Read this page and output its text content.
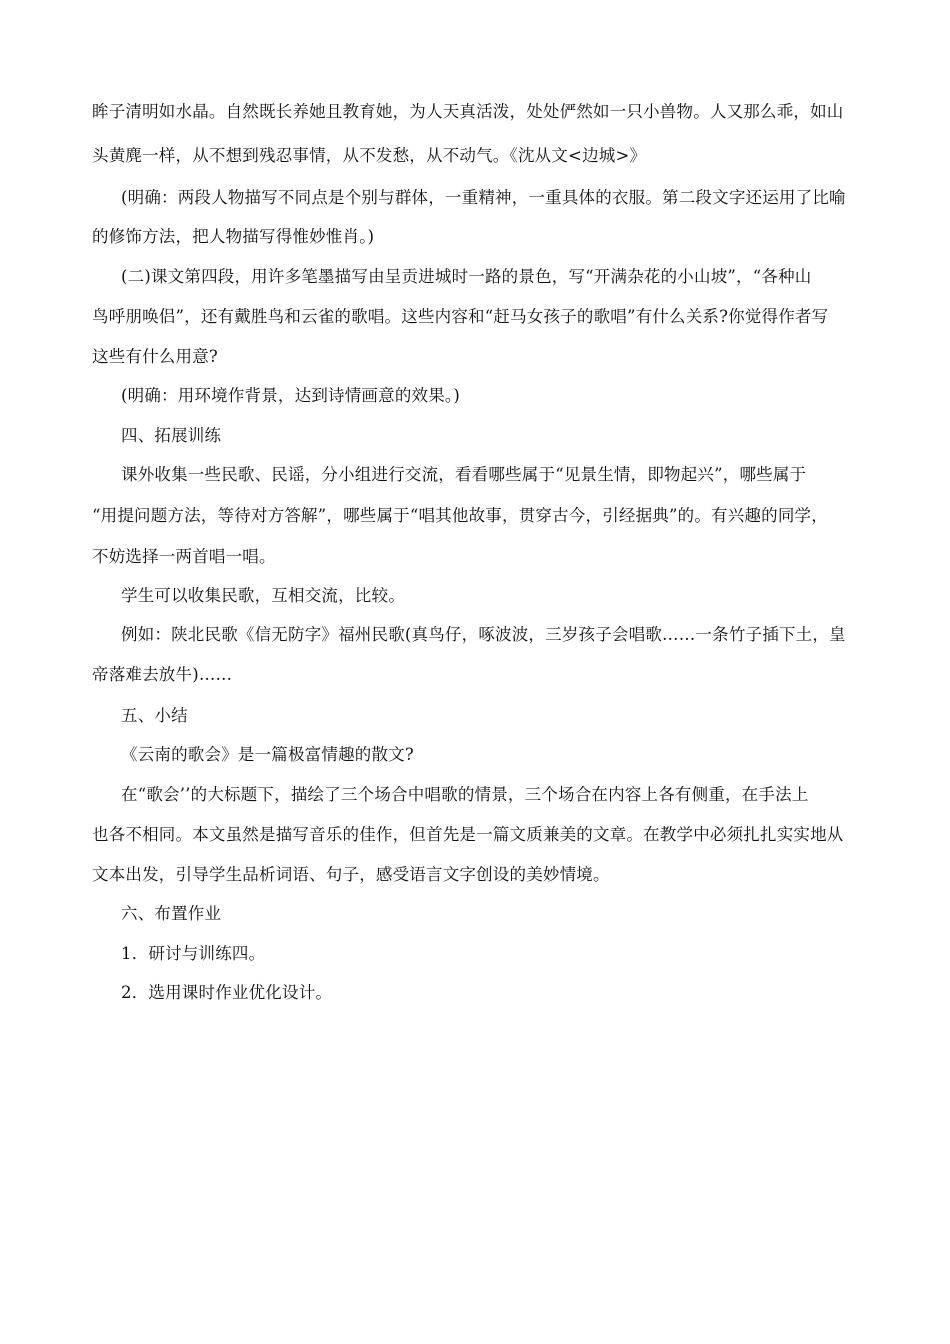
眸子清明如水晶。自然既长养她且教育她，为人天真活泼，处处俨然如一只小兽物。人又那么乖，如山
头黄麂一样，从不想到残忍事情，从不发愁，从不动气。《沈从文<边城>》
(明确：两段人物描写不同点是个别与群体，一重精神，一重具体的衣服。第二段文字还运用了比喻
的修饰方法，把人物描写得惟妙惟肖。)
(二)课文第四段，用许多笔墨描写由呈贡进城时一路的景色，写“开满杂花的小山坡”，“各种山
鸟呼朋唤侣”，还有戴胜鸟和云雀的歌唱。这些内容和“赶马女孩子的歌唱”有什么关系?你觉得作者写
这些有什么用意?
(明确：用环境作背景，达到诗情画意的效果。)
四、拓展训练
课外收集一些民歌、民谣，分小组进行交流，看看哪些属于“见景生情，即物起兴”，哪些属于
“用提问题方法，等待对方答解”，哪些属于“唱其他故事，贯穿古今，引经据典”的。有兴趣的同学，
不妨选择一两首唱一唱。
学生可以收集民歌，互相交流，比较。
例如：陕北民歌《信无防字》福州民歌(真鸟仔，啄波波，三岁孩子会唱歌……一条竹子插下土，皇
帝落难去放牛)……
五、小结
《云南的歌会》是一篇极富情趣的散文?
在“歌会’’的大标题下，描绘了三个场合中唱歌的情景，三个场合在内容上各有侧重，在手法上
也各不相同。本文虽然是描写音乐的佳作，但首先是一篇文质兼美的文章。在教学中必须扎扎实实地从
文本出发，引导学生品析词语、句子，感受语言文字创设的美妙情境。
六、布置作业
1．研讨与训练四。
2．选用课时作业优化设计。
